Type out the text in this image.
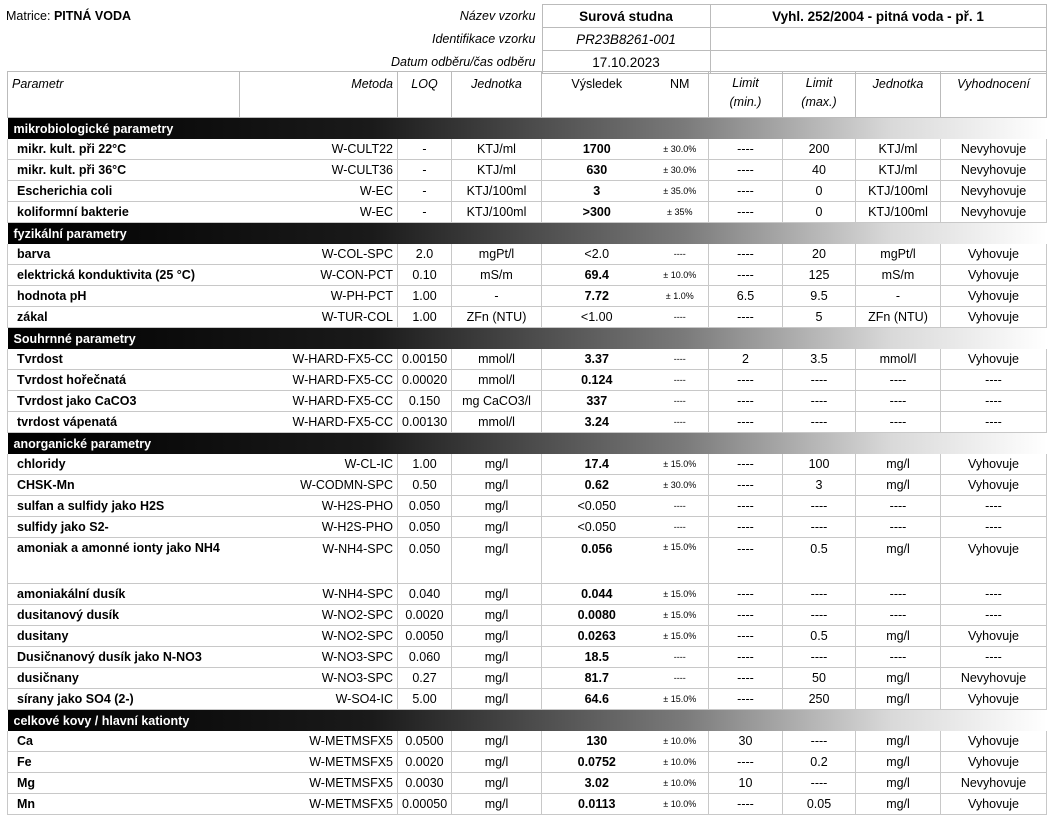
Matrice: PITNÁ VODA	Název vzorku	Surová studna	Vyhl. 252/2004 - pitná voda - př. 1
	Identifikace vzorku	PR23B8261-001	
	Datum odběru/čas odběru	17.10.2023	
Parametr	Metoda	LOQ	Jednotka	Výsledek	NM	Limit
(min.)	Limit
(max.)	Jednotka	Vyhodnocení
mikrobiologické parametry									
mikr. kult. při 22°C	W-CULT22	-	KTJ/ml	1700	± 30.0%	----	200	KTJ/ml	Nevyhovuje
mikr. kult. při 36°C	W-CULT36	-	KTJ/ml	630	± 30.0%	----	40	KTJ/ml	Nevyhovuje
Escherichia coli	W-EC	-	KTJ/100ml	3	± 35.0%	----	0	KTJ/100ml	Nevyhovuje
koliformní bakterie	W-EC	-	KTJ/100ml	>300	± 35%	----	0	KTJ/100ml	Nevyhovuje
fyzikální parametry									
barva	W-COL-SPC	2.0	mgPt/l	<2.0	----	----	20	mgPt/l	Vyhovuje
elektrická konduktivita (25 °C)	W-CON-PCT	0.10	mS/m	69.4	± 10.0%	----	125	mS/m	Vyhovuje
hodnota pH	W-PH-PCT	1.00	-	7.72	± 1.0%	6.5	9.5	-	Vyhovuje
zákal	W-TUR-COL	1.00	ZFn (NTU)	<1.00	----	----	5	ZFn (NTU)	Vyhovuje
Souhrnné parametry									
Tvrdost	W-HARD-FX5-CC	0.00150	mmol/l	3.37	----	2	3.5	mmol/l	Vyhovuje
Tvrdost hořečnatá	W-HARD-FX5-CC	0.00020	mmol/l	0.124	----	----	----	----	----
Tvrdost jako CaCO3	W-HARD-FX5-CC	0.150	mg CaCO3/l	337	----	----	----	----	----
tvrdost vápenatá	W-HARD-FX5-CC	0.00130	mmol/l	3.24	----	----	----	----	----
anorganické parametry									
chloridy	W-CL-IC	1.00	mg/l	17.4	± 15.0%	----	100	mg/l	Vyhovuje
CHSK-Mn	W-CODMN-SPC	0.50	mg/l	0.62	± 30.0%	----	3	mg/l	Vyhovuje
sulfan a sulfidy jako H2S	W-H2S-PHO	0.050	mg/l	<0.050	----	----	----	----	----
sulfidy jako S2-	W-H2S-PHO	0.050	mg/l	<0.050	----	----	----	----	----
amoniak a amonné ionty jako NH4	W-NH4-SPC	0.050	mg/l	0.056	± 15.0%	----	0.5	mg/l	Vyhovuje
amoniakální dusík	W-NH4-SPC	0.040	mg/l	0.044	± 15.0%	----	----	----	----
dusitanový dusík	W-NO2-SPC	0.0020	mg/l	0.0080	± 15.0%	----	----	----	----
dusitany	W-NO2-SPC	0.0050	mg/l	0.0263	± 15.0%	----	0.5	mg/l	Vyhovuje
Dusičnanový dusík jako N-NO3	W-NO3-SPC	0.060	mg/l	18.5	----	----	----	----	----
dusičnany	W-NO3-SPC	0.27	mg/l	81.7	----	----	50	mg/l	Nevyhovuje
sírany jako SO4 (2-)	W-SO4-IC	5.00	mg/l	64.6	± 15.0%	----	250	mg/l	Vyhovuje
celkové kovy / hlavní kationty									
Ca	W-METMSFX5	0.0500	mg/l	130	± 10.0%	30	----	mg/l	Vyhovuje
Fe	W-METMSFX5	0.0020	mg/l	0.0752	± 10.0%	----	0.2	mg/l	Vyhovuje
Mg	W-METMSFX5	0.0030	mg/l	3.02	± 10.0%	10	----	mg/l	Nevyhovuje
Mn	W-METMSFX5	0.00050	mg/l	0.0113	± 10.0%	----	0.05	mg/l	Vyhovuje
